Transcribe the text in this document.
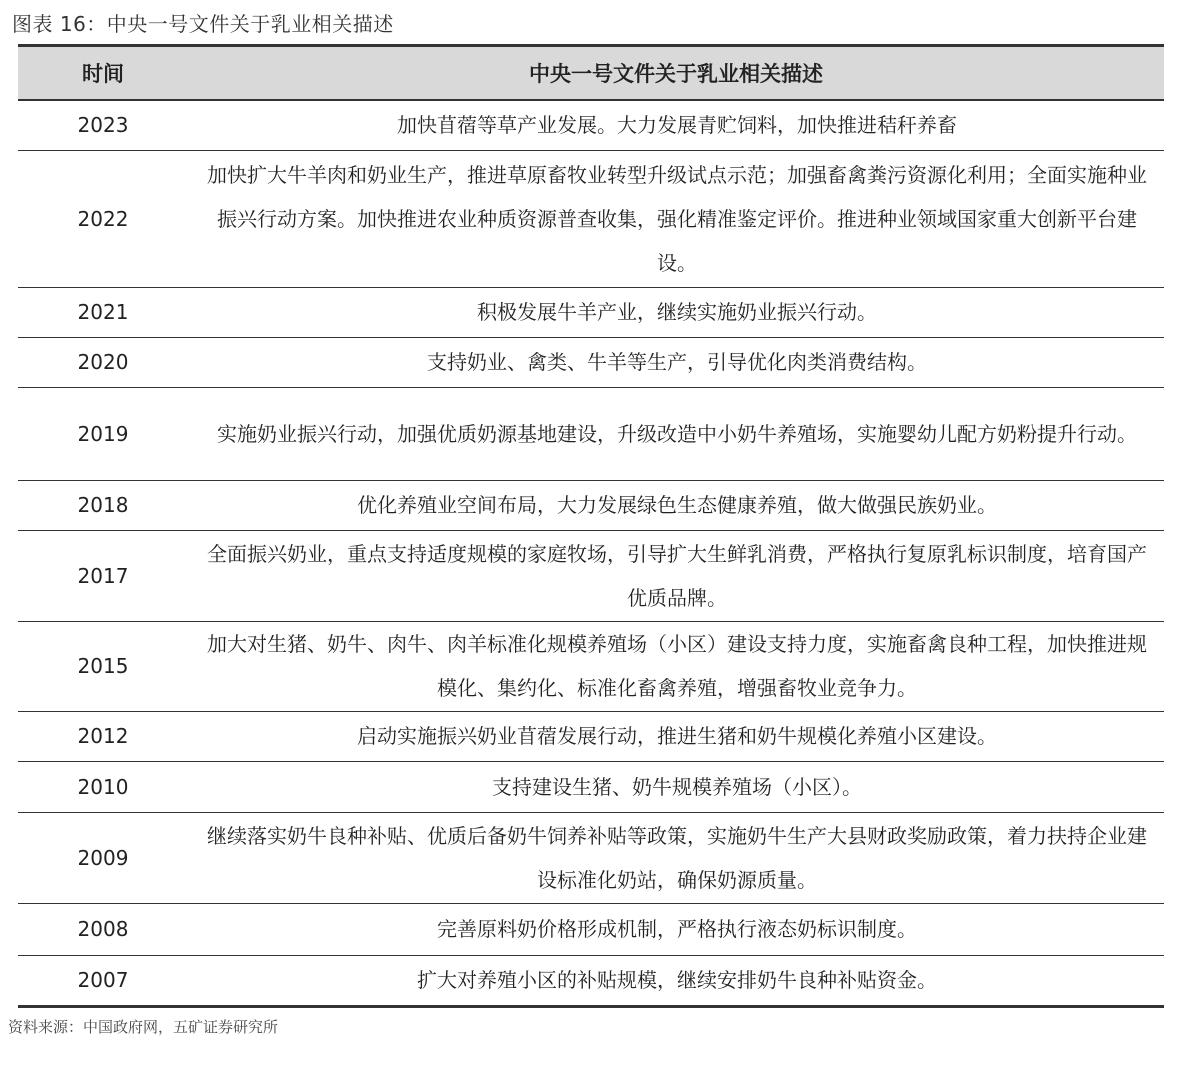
图表 16：中央一号文件关于乳业相关描述
时间	中央一号文件关于乳业相关描述
2023	加快苜蓿等草产业发展。大力发展青贮饲料，加快推进秸秆养畜
2022	加快扩大牛羊肉和奶业生产，推进草原畜牧业转型升级试点示范；加强畜禽粪污资源化利用；全面实施种业振兴行动方案。加快推进农业种质资源普查收集，强化精准鉴定评价。推进种业领域国家重大创新平台建设。
2021	积极发展牛羊产业，继续实施奶业振兴行动。
2020	支持奶业、禽类、牛羊等生产，引导优化肉类消费结构。
2019	实施奶业振兴行动，加强优质奶源基地建设，升级改造中小奶牛养殖场，实施婴幼儿配方奶粉提升行动。
2018	优化养殖业空间布局，大力发展绿色生态健康养殖，做大做强民族奶业。
2017	全面振兴奶业，重点支持适度规模的家庭牧场，引导扩大生鲜乳消费，严格执行复原乳标识制度，培育国产优质品牌。
2015	加大对生猪、奶牛、肉牛、肉羊标准化规模养殖场（小区）建设支持力度，实施畜禽良种工程，加快推进规模化、集约化、标准化畜禽养殖，增强畜牧业竞争力。
2012	启动实施振兴奶业苜蓿发展行动，推进生猪和奶牛规模化养殖小区建设。
2010	支持建设生猪、奶牛规模养殖场（小区）。
2009	继续落实奶牛良种补贴、优质后备奶牛饲养补贴等政策，实施奶牛生产大县财政奖励政策，着力扶持企业建设标准化奶站，确保奶源质量。
2008	完善原料奶价格形成机制，严格执行液态奶标识制度。
2007	扩大对养殖小区的补贴规模，继续安排奶牛良种补贴资金。
资料来源：中国政府网，五矿证券研究所
